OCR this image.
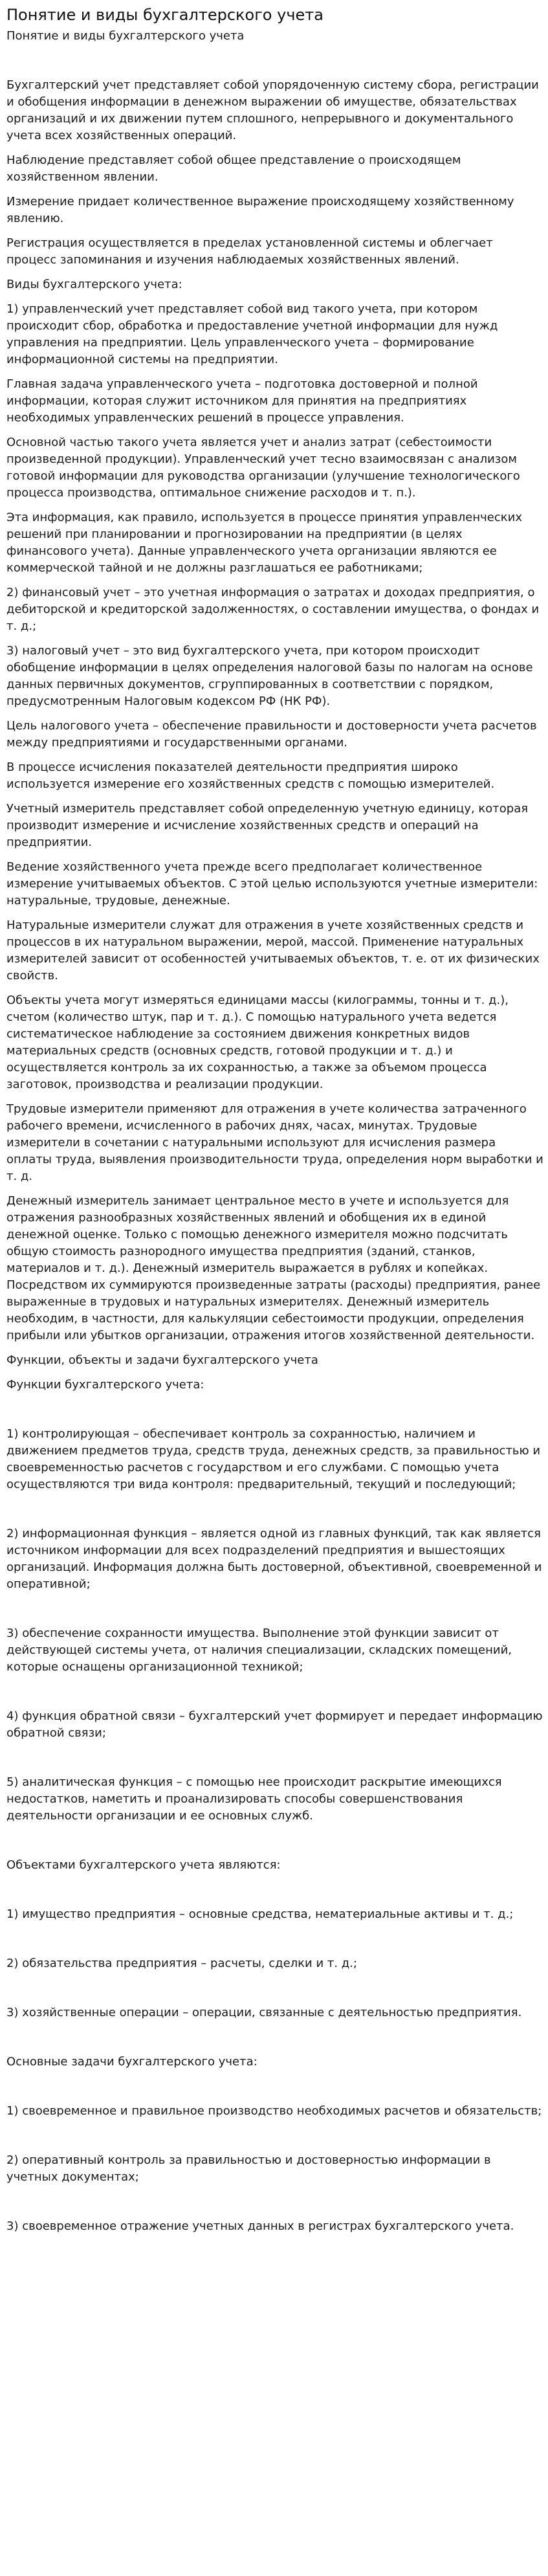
Понятие и виды бухгалтерского учета
Понятие и виды бухгалтерского учета

Бухгалтерский учет представляет собой упорядоченную систему сбора, регистрации и обобщения информации в денежном выражении об имуществе, обязательствах организаций и их движении путем сплошного, непрерывного и документального учета всех хозяйственных операций.

Наблюдение представляет собой общее представление о происходящем хозяйственном явлении.

Измерение придает количественное выражение происходящему хозяйственному явлению.

Регистрация осуществляется в пределах установленной системы и облегчает процесс запоминания и изучения наблюдаемых хозяйственных явлений.

Виды бухгалтерского учета:

1) управленческий учет представляет собой вид такого учета, при котором происходит сбор, обработка и предоставление учетной информации для нужд управления на предприятии. Цель управленческого учета – формирование информационной системы на предприятии.

Главная задача управленческого учета – подготовка достоверной и полной информации, которая служит источником для принятия на предприятиях необходимых управленческих решений в процессе управления.

Основной частью такого учета является учет и анализ затрат (себестоимости произведенной продукции). Управленческий учет тесно взаимосвязан с анализом готовой информации для руководства организации (улучшение технологического процесса производства, оптимальное снижение расходов и т. п.).

Эта информация, как правило, используется в процессе принятия управленческих решений при планировании и прогнозировании на предприятии (в целях финансового учета). Данные управленческого учета организации являются ее коммерческой тайной и не должны разглашаться ее работниками;

2) финансовый учет – это учетная информация о затратах и доходах предприятия, о дебиторской и кредиторской задолженностях, о составлении имущества, о фондах и т. д.;

3) налоговый учет – это вид бухгалтерского учета, при котором происходит обобщение информации в целях определения налоговой базы по налогам на основе данных первичных документов, сгруппированных в соответствии с порядком, предусмотренным Налоговым кодексом РФ (НК РФ).

Цель налогового учета – обеспечение правильности и достоверности учета расчетов между предприятиями и государственными органами.

В процессе исчисления показателей деятельности предприятия широко используется измерение его хозяйственных средств с помощью измерителей.

Учетный измеритель представляет собой определенную учетную единицу, которая производит измерение и исчисление хозяйственных средств и операций на предприятии.

Ведение хозяйственного учета прежде всего предполагает количественное измерение учитываемых объектов. С этой целью используются учетные измерители: натуральные, трудовые, денежные.

Натуральные измерители служат для отражения в учете хозяйственных средств и процессов в их натуральном выражении, мерой, массой. Применение натуральных измерителей зависит от особенностей учитываемых объектов, т. е. от их физических свойств.

Объекты учета могут измеряться единицами массы (килограммы, тонны и т. д.), счетом (количество штук, пар и т. д.). С помощью натурального учета ведется систематическое наблюдение за состоянием движения конкретных видов материальных средств (основных средств, готовой продукции и т. д.) и осуществляется контроль за их сохранностью, а также за объемом процесса заготовок, производства и реализации продукции.

Трудовые измерители применяют для отражения в учете количества затраченного рабочего времени, исчисленного в рабочих днях, часах, минутах. Трудовые измерители в сочетании с натуральными используют для исчисления размера оплаты труда, выявления производительности труда, определения норм выработки и т. д.

Денежный измеритель занимает центральное место в учете и используется для отражения разнообразных хозяйственных явлений и обобщения их в единой денежной оценке. Только с помощью денежного измерителя можно подсчитать общую стоимость разнородного имущества предприятия (зданий, станков, материалов и т. д.). Денежный измеритель выражается в рублях и копейках. Посредством их суммируются произведенные затраты (расходы) предприятия, ранее выраженные в трудовых и натуральных измерителях. Денежный измеритель необходим, в частности, для калькуляции себестоимости продукции, определения прибыли или убытков организации, отражения итогов хозяйственной деятельности.

Функции, объекты и задачи бухгалтерского учета

Функции бухгалтерского учета:

1) контролирующая – обеспечивает контроль за сохранностью, наличием и движением предметов труда, средств труда, денежных средств, за правильностью и своевременностью расчетов с государством и его службами. С помощью учета осуществляются три вида контроля: предварительный, текущий и последующий;

2) информационная функция – является одной из главных функций, так как является источником информации для всех подразделений предприятия и вышестоящих организаций. Информация должна быть достоверной, объективной, своевременной и оперативной;

3) обеспечение сохранности имущества. Выполнение этой функции зависит от действующей системы учета, от наличия специализации, складских помещений, которые оснащены организационной техникой;

4) функция обратной связи – бухгалтерский учет формирует и передает информацию обратной связи;

5) аналитическая функция – с помощью нее происходит раскрытие имеющихся недостатков, наметить и проанализировать способы совершенствования деятельности организации и ее основных служб.

Объектами бухгалтерского учета являются:

1) имущество предприятия – основные средства, нематериальные активы и т. д.;

2) обязательства предприятия – расчеты, сделки и т. д.;

3) хозяйственные операции – операции, связанные с деятельностью предприятия.

Основные задачи бухгалтерского учета:

1) своевременное и правильное производство необходимых расчетов и обязательств;

2) оперативный контроль за правильностью и достоверностью информации в учетных документах;

3) своевременное отражение учетных данных в регистрах бухгалтерского учета.
